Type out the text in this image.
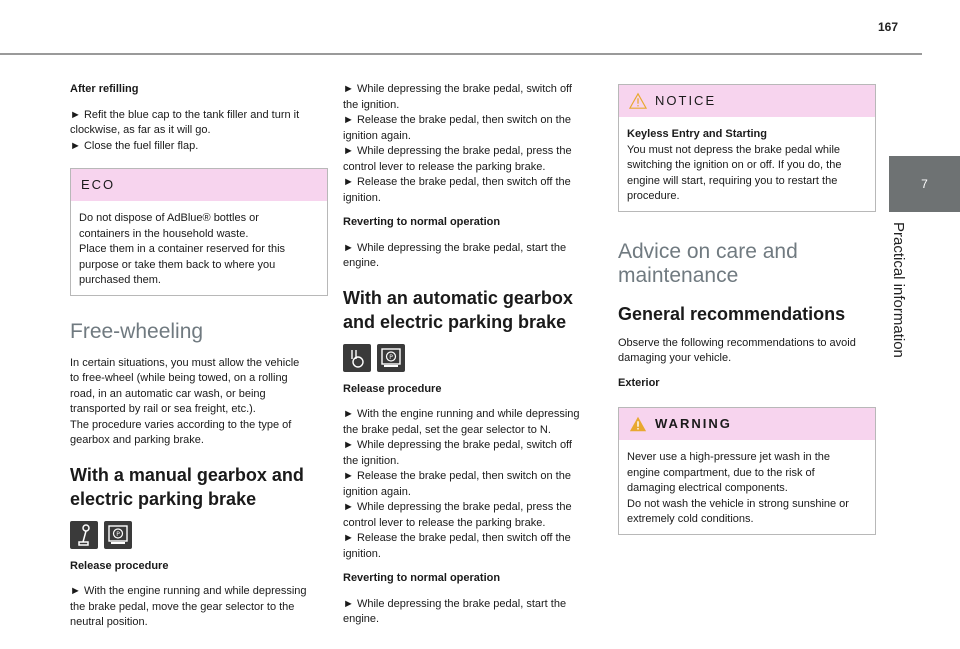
167
7
Practical information
After refilling

► Refit the blue cap to the tank filler and turn it
clockwise, as far as it will go.
► Close the fuel filler flap.

ECO
Do not dispose of AdBlue® bottles or
containers in the household waste.
Place them in a container reserved for this
purpose or take them back to where you
purchased them.
Free-wheeling

In certain situations, you must allow the vehicle
to free-wheel (while being towed, on a rolling
road, in an automatic car wash, or being
transported by rail or sea freight, etc.).
The procedure varies according to the type of
gearbox and parking brake.

With a manual gearbox and
electric parking brake
P
Release procedure

► With the engine running and while depressing
the brake pedal, move the gear selector to the
neutral position.

► While depressing the brake pedal, switch off
the ignition.
► Release the brake pedal, then switch on the
ignition again.
► While depressing the brake pedal, press the
control lever to release the parking brake.
► Release the brake pedal, then switch off the
ignition.

Reverting to normal operation

► While depressing the brake pedal, start the
engine.

With an automatic gearbox
and electric parking brake
P
Release procedure

► With the engine running and while depressing
the brake pedal, set the gear selector to N.
► While depressing the brake pedal, switch off
the ignition.
► Release the brake pedal, then switch on the
ignition again.
► While depressing the brake pedal, press the
control lever to release the parking brake.
► Release the brake pedal, then switch off the
ignition.

Reverting to normal operation

► While depressing the brake pedal, start the
engine.

NOTICE
Keyless Entry and Starting
You must not depress the brake pedal while
switching the ignition on or off. If you do, the
engine will start, requiring you to restart the
procedure.
Advice on care and
maintenance
General recommendations

Observe the following recommendations to avoid
damaging your vehicle.

Exterior
WARNING
Never use a high-pressure jet wash in the
engine compartment, due to the risk of
damaging electrical components.
Do not wash the vehicle in strong sunshine or
extremely cold conditions.
